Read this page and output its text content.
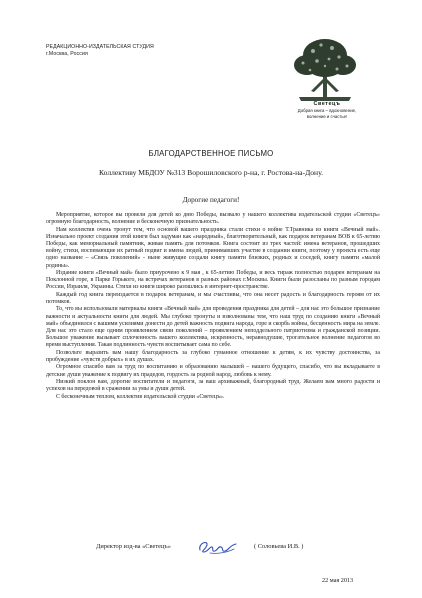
РЕДАКЦИОННО-ИЗДАТЕЛЬСКАЯ СТУДИЯ
г.Москва, Россия
Светецъ
Добрая книга – вдохновение,
волнение и счастье!
БЛАГОДАРСТВЕННОЕ ПИСЬМО
Коллективу МБДОУ №313 Ворошиловского р-на, г. Ростова-на-Дону.
Дорогие педагоги!

Мероприятие, которое вы провели для детей ко дню Победы, вызвало у нашего коллектива издательской студии «Светецъ» огромную благодарность, волнение и бесконечную признательность.

Нам коллектив очень тронут тем, что основой вашего праздника стали стихи о войне Т.Травника из книги «Вечный май». Изначально проект создания этой книги был задуман как «народный», благотворительный, как подарок ветеранам ВОВ к 65-летию Победы, как мемориальный памятник, живая память для потомков. Книга состоит из трех частей: имена ветеранов, прошедших войну, стихи, воспевающие их ратный подвиг и имена людей, принимавших участие в создании книги, поэтому у проекта есть еще одно название – «Связь поколений» - ныне живущие создали книгу памяти близких, родных и соседей, книгу памяти «малой родины».

Издание книги «Вечный май» было приурочено к 9 мая , к 65-летию Победы, и весь тираж полностью подарен ветеранам на Поклонной горе, в Парке Горького, на встречах ветеранов в разных районах г.Москвы. Книги были разосланы по разным городам России, Израиля, Украины. Стихи из книги широко разошлись в интернет-пространстве.

Каждый год книга переиздается в подарок ветеранам, и мы счастливы, что она несет радость и благодарность героям от их потомков.

То, что вы использовали материалы книги «Вечный май» для проведения праздника для детей – для нас это большое признание важности и актуальности книги для людей. Мы глубоко тронуты и взволнованы тем, что наш труд по созданию книги «Вечный май» объединился с вашими усилиями донести до детей важность подвига народа, горе и скорбь войны, бесценность мира на земле. Для нас это стало еще одним проявлением связи поколений – проявлением неподдельного патриотизма и гражданской позиции. Большое уважение вызывает сплоченность вашего коллектива, искренность, неравнодушие, трогательное волнение педагогов во время выступления. Такая подлинность чувств воспитывает сама по себе.

Позвольте выразить вам нашу благодарность за глубоко гуманное отношение к детям, к их чувству достоинства, за пробуждение «чувств добрых» в их душах.

Огромное спасибо вам за труд по воспитанию и образованию малышей – нашего будущего, спасибо, что вы вкладываете в детские души уважение к подвигу их прадедов, гордость за родной народ, любовь к нему.

Низкий поклон вам, дорогие воспитатели и педагоги, за ваш архиважный, благородный труд. Желаем вам много радости и успехов на передовой в сражении за умы и души детей.

С бесконечным теплом, коллектив издательской студии «Светецъ».

Директор изд-ва «Светецъ»	( Соловьева И.В. )
22 мая 2013
